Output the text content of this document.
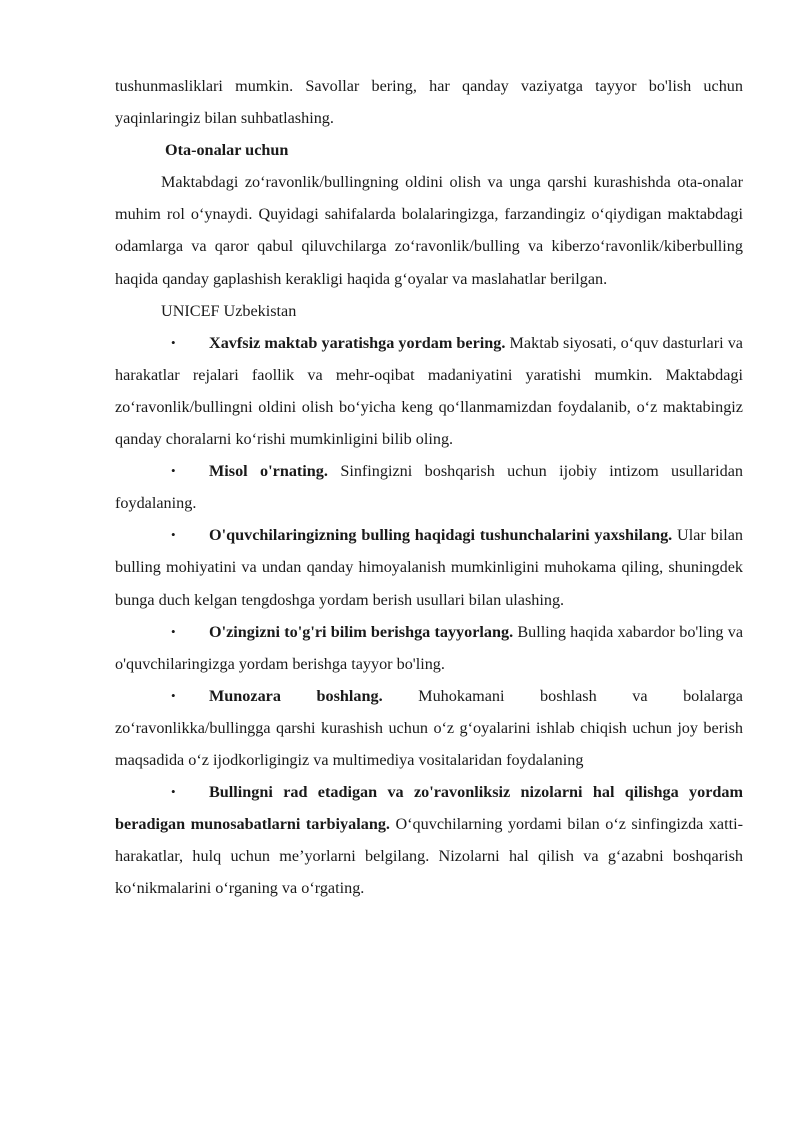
tushunmasliklari mumkin. Savollar bering, har qanday vaziyatga tayyor bo'lish uchun yaqinlaringiz bilan suhbatlashing.

Ota-onalar uchun

Maktabdagi zo‘ravonlik/bullingning oldini olish va unga qarshi kurashishda ota-onalar muhim rol o‘ynaydi. Quyidagi sahifalarda bolalaringizga, farzandingiz o‘qiydigan maktabdagi odamlarga va qaror qabul qiluvchilarga zo‘ravonlik/bulling va kiberzo‘ravonlik/kiberbulling haqida qanday gaplashish kerakligi haqida g‘oyalar va maslahatlar berilgan.

UNICEF Uzbekistan

• Xavfsiz maktab yaratishga yordam bering. Maktab siyosati, o‘quv dasturlari va harakatlar rejalari faollik va mehr-oqibat madaniyatini yaratishi mumkin. Maktabdagi zo‘ravonlik/bullingni oldini olish bo‘yicha keng qo‘llanmamizdan foydalanib, o‘z maktabingiz qanday choralarni ko‘rishi mumkinligini bilib oling.

• Misol o'rnating. Sinfingizni boshqarish uchun ijobiy intizom usullaridan foydalaning.

• O'quvchilaringizning bulling haqidagi tushunchalarini yaxshilang. Ular bilan bulling mohiyatini va undan qanday himoyalanish mumkinligini muhokama qiling, shuningdek bunga duch kelgan tengdoshga yordam berish usullari bilan ulashing.

• O'zingizni to'g'ri bilim berishga tayyorlang. Bulling haqida xabardor bo'ling va o'quvchilaringizga yordam berishga tayyor bo'ling.

• Munozara boshlang. Muhokamani boshlash va bolalarga zo‘ravonlikka/bullingga qarshi kurashish uchun o‘z g‘oyalarini ishlab chiqish uchun joy berish maqsadida o‘z ijodkorligingiz va multimediya vositalaridan foydalaning

• Bullingni rad etadigan va zo'ravonliksiz nizolarni hal qilishga yordam beradigan munosabatlarni tarbiyalang. O‘quvchilarning yordami bilan o‘z sinfingizda xatti-harakatlar, hulq uchun me’yorlarni belgilang. Nizolarni hal qilish va g‘azabni boshqarish ko‘nikmalarini o‘rganing va o‘rgating.
